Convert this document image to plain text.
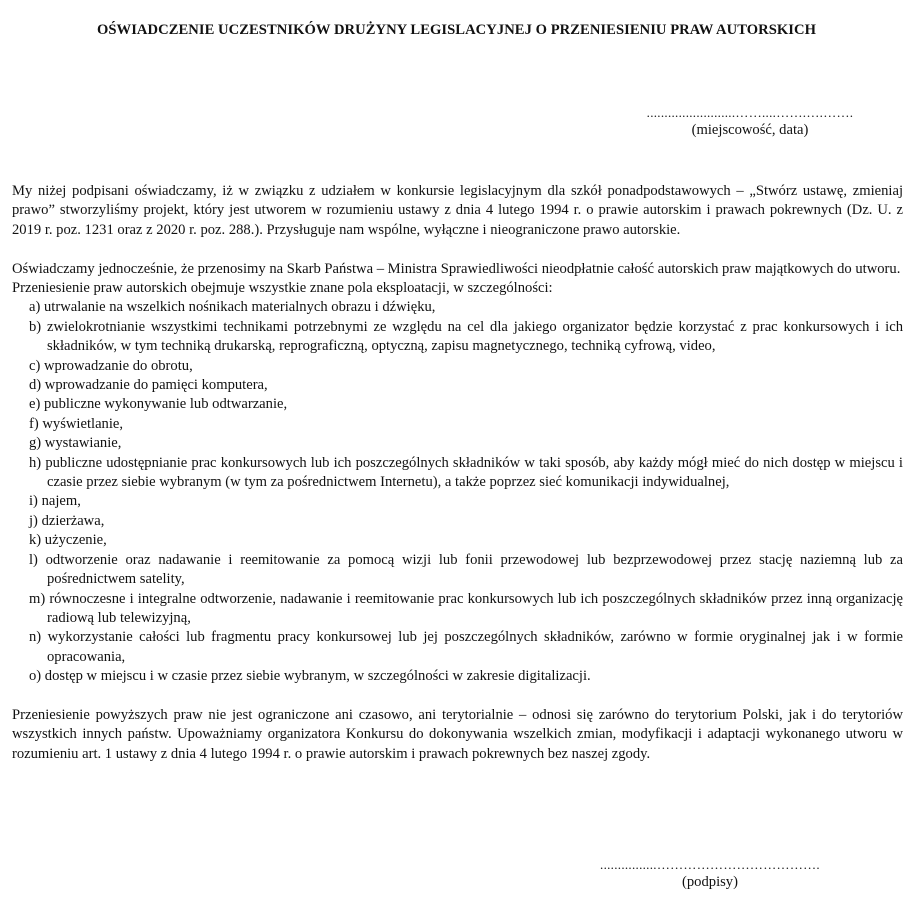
OŚWIADCZENIE UCZESTNIKÓW DRUŻYNY LEGISLACYJNEJ O PRZENIESIENIU PRAW AUTORSKICH
.........................……....…….….…….
(miejscowość, data)

My niżej podpisani oświadczamy, iż w związku z udziałem w konkursie legislacyjnym dla szkół ponadpodstawowych – „Stwórz ustawę, zmieniaj prawo” stworzyliśmy projekt, który jest utworem w rozumieniu ustawy z dnia 4 lutego 1994 r. o prawie autorskim i prawach pokrewnych (Dz. U. z 2019 r. poz. 1231 oraz z 2020 r. poz. 288.). Przysługuje nam wspólne, wyłączne i nieograniczone prawo autorskie.

Oświadczamy jednocześnie, że przenosimy na Skarb Państwa – Ministra Sprawiedliwości nieodpłatnie całość autorskich praw majątkowych do utworu.

Przeniesienie praw autorskich obejmuje wszystkie znane pola eksploatacji, w szczególności:

a) utrwalanie na wszelkich nośnikach materialnych obrazu i dźwięku,
b) zwielokrotnianie wszystkimi technikami potrzebnymi ze względu na cel dla jakiego organizator będzie korzystać z prac konkursowych i ich składników, w tym techniką drukarską, reprograficzną, optyczną, zapisu magnetycznego, techniką cyfrową, video,
c) wprowadzanie do obrotu,
d) wprowadzanie do pamięci komputera,
e) publiczne wykonywanie lub odtwarzanie,
f) wyświetlanie,
g) wystawianie,
h) publiczne udostępnianie prac konkursowych lub ich poszczególnych składników w taki sposób, aby każdy mógł mieć do nich dostęp w miejscu i czasie przez siebie wybranym (w tym za pośrednictwem Internetu), a także poprzez sieć komunikacji indywidualnej,
i) najem,
j) dzierżawa,
k) użyczenie,
l) odtworzenie oraz nadawanie i reemitowanie za pomocą wizji lub fonii przewodowej lub bezprzewodowej przez stację naziemną lub za pośrednictwem satelity,
m) równoczesne i integralne odtworzenie, nadawanie i reemitowanie prac konkursowych lub ich poszczególnych składników przez inną organizację radiową lub telewizyjną,
n) wykorzystanie całości lub fragmentu pracy konkursowej lub jej poszczególnych składników, zarówno w formie oryginalnej jak i w formie opracowania,
o) dostęp w miejscu i w czasie przez siebie wybranym, w szczególności w zakresie digitalizacji.

Przeniesienie powyższych praw nie jest ograniczone ani czasowo, ani terytorialnie – odnosi się zarówno do terytorium Polski, jak i do terytoriów wszystkich innych państw. Upoważniamy organizatora Konkursu do dokonywania wszelkich zmian, modyfikacji i adaptacji wykonanego utworu w rozumieniu art. 1 ustawy z dnia 4 lutego 1994 r. o prawie autorskim i prawach pokrewnych bez naszej zgody.

................……………………………….
(podpisy)
